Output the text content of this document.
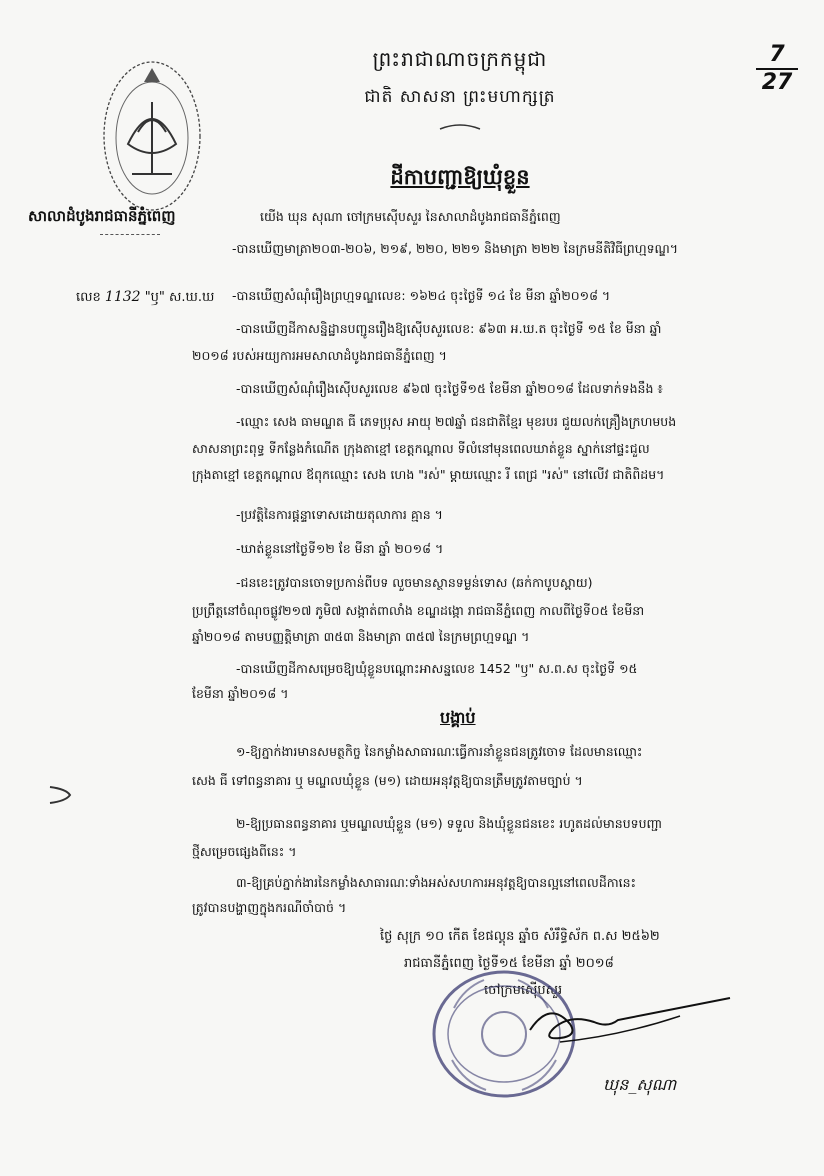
សាលាដំបូងរាជធានីភ្នំពេញ
7
27
ព្រះរាជាណាចក្រកម្ពុជា
ជាតិ សាសនា ព្រះមហាក្សត្រ
ដីកាបញ្ជាឱ្យឃុំខ្លួន
យើង ឃុន សុណា ចៅក្រមស៊ើបសួរ នៃសាលាដំបូងរាជធានីភ្នំពេញ
លេខ 1132 "ឫ" ស.ឃ.ឃ
-បានឃើញមាត្រា២០៣-២០៦, ២១៩, ២២០, ២២១ និងមាត្រា ២២២ នៃក្រមនីតិវិធីព្រហ្មទណ្ឌ។
-បានឃើញសំណុំរឿងព្រហ្មទណ្ឌលេខ: ១៦២៤ ចុះថ្ងៃទី ១៤ ខែ មីនា ឆ្នាំ២០១៨ ។
-បានឃើញដីកាសន្និដ្ឋានបញ្ជូនរឿងឱ្យស៊ើបសួរលេខ: ៩៦៣ អ.ឃ.ត ចុះថ្ងៃទី ១៥ ខែ មីនា ឆ្នាំ
២០១៨ របស់អយ្យការអមសាលាដំបូងរាជធានីភ្នំពេញ ។
-បានឃើញសំណុំរឿងស៊ើបសួរលេខ ៩៦៧ ចុះថ្ងៃទី១៥ ខែមីនា ឆ្នាំ២០១៨ ដែលទាក់ទងនឹង ៖
-ឈ្មោះ សេង ធាមណ្ឌត ធី ភេទប្រុស អាយុ ២៧ឆ្នាំ ជនជាតិខ្មែរ មុខរបរ ជួយលក់គ្រឿងក្រហមបង
សាសនាព្រះពុទ្ធ ទីកន្លែងកំណើត ក្រុងតាខ្មៅ ខេត្តកណ្ដាល ទីលំនៅមុនពេលឃាត់ខ្លួន ស្នាក់នៅផ្ទះជួល
ក្រុងតាខ្មៅ ខេត្តកណ្ដាល ឪពុកឈ្មោះ សេង ហេង "រស់" ម្ដាយឈ្មោះ រី ពេជ្រ "រស់" នៅលើវ ជាតិពិដម។
-ប្រវត្តិនៃការផ្ដន្ទាទោសដោយតុលាការ គ្មាន ។
-ឃាត់ខ្លួននៅថ្ងៃទី១២ ខែ មីនា ឆ្នាំ ២០១៨ ។
-ជនខេះត្រូវបានចោទប្រកាន់ពីបទ លួចមានស្ថានទម្ងន់ទោស (ឆក់កាបូបស្ពាយ)
ប្រព្រឹត្តនៅចំណុចផ្លូវ២១៧ ភូមិ៧ សង្កាត់ពាលាំង ខណ្ឌដង្កោ រាជធានីភ្នំពេញ កាលពីថ្ងៃទី០៥ ខែមីនា
ឆ្នាំ២០១៨ តាមបញ្ញត្តិមាត្រា ៣៥៣ និងមាត្រា ៣៥៧ នៃក្រមព្រហ្មទណ្ឌ ។
-បានឃើញដីកាសម្រេចឱ្យឃុំខ្លួនបណ្ដោះអាសន្នលេខ 1452 "ឫ" ស.ព.ស ចុះថ្ងៃទី ១៥
ខែមីនា ឆ្នាំ២០១៨ ។
បង្គាប់
១-ឱ្យភ្នាក់ងារមានសមត្ថកិច្ច នៃកម្លាំងសាធារណៈធ្វើការនាំខ្លួនជនត្រូវចោទ ដែលមានឈ្មោះ
សេង ធី ទៅពន្ធនាគារ ឬ មណ្ឌលឃុំខ្លួន (ម១) ដោយអនុវត្តឱ្យបានត្រឹមត្រូវតាមច្បាប់ ។
២-ឱ្យប្រធានពន្ធនាគារ ឬមណ្ឌលឃុំខ្លួន (ម១) ទទួល និងឃុំខ្លួនជនខេះ រហូតដល់មានបទបញ្ជា
ថ្មីសម្រេចផ្សេងពីនេះ ។
៣-ឱ្យគ្រប់ភ្នាក់ងារនៃកម្លាំងសាធារណៈទាំងអស់សហការអនុវត្តឱ្យបានល្អនៅពេលដីកានេះ
ត្រូវបានបង្ហាញក្នុងករណីចាំបាច់ ។
ថ្ងៃ សុក្រ ១០ កើត ខែផល្គុន ឆ្នាំច សំរឹទ្ធិស័ក ព.ស ២៥៦២
រាជធានីភ្នំពេញ ថ្ងៃទី១៥ ខែមីនា ឆ្នាំ ២០១៨
ចៅក្រមស៊ើបសួរ
ឃុន_សុណា
